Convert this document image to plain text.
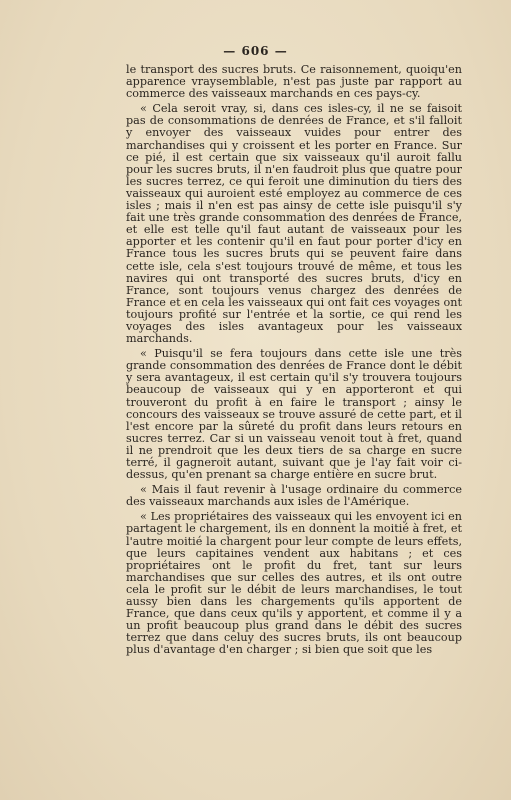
— 606 —

le transport des sucres bruts. Ce raisonnement, quoiqu'en apparence vraysemblable, n'est pas juste par rapport au commerce des vaisseaux marchands en ces pays-cy.

« Cela seroit vray, si, dans ces isles-cy, il ne se faisoit pas de consommations de denrées de France, et s'il falloit y envoyer des vaisseaux vuides pour entrer des marchandises qui y croissent et les porter en France. Sur ce pié, il est certain que six vaisseaux qu'il auroit fallu pour les sucres bruts, il n'en faudroit plus que quatre pour les sucres terrez, ce qui feroit une diminution du tiers des vaisseaux qui auroient esté employez au commerce de ces isles ; mais il n'en est pas ainsy de cette isle puisqu'il s'y fait une très grande consommation des denrées de France, et elle est telle qu'il faut autant de vaisseaux pour les apporter et les contenir qu'il en faut pour porter d'icy en France tous les sucres bruts qui se peuvent faire dans cette isle, cela s'est toujours trouvé de même, et tous les navires qui ont transporté des sucres bruts, d'icy en France, sont toujours venus chargez des denrées de France et en cela les vaisseaux qui ont fait ces voyages ont toujours profité sur l'entrée et la sortie, ce qui rend les voyages des isles avantageux pour les vaisseaux marchands.

« Puisqu'il se fera toujours dans cette isle une très grande consommation des denrées de France dont le débit y sera avantageux, il est certain qu'il s'y trouvera toujours beaucoup de vaisseaux qui y en apporteront et qui trouveront du profit à en faire le transport ; ainsy le concours des vaisseaux se trouve assuré de cette part, et il l'est encore par la sûreté du profit dans leurs retours en sucres terrez. Car si un vaisseau venoit tout à fret, quand il ne prendroit que les deux tiers de sa charge en sucre terré, il gagneroit autant, suivant que je l'ay fait voir ci-dessus, qu'en prenant sa charge entière en sucre brut.

« Mais il faut revenir à l'usage ordinaire du commerce des vaisseaux marchands aux isles de l'Amérique.

« Les propriétaires des vaisseaux qui les envoyent ici en partagent le chargement, ils en donnent la moitié à fret, et l'autre moitié la chargent pour leur compte de leurs effets, que leurs capitaines vendent aux habitans ; et ces propriétaires ont le profit du fret, tant sur leurs marchandises que sur celles des autres, et ils ont outre cela le profit sur le débit de leurs marchandises, le tout aussy bien dans les chargements qu'ils apportent de France, que dans ceux qu'ils y apportent, et comme il y a un profit beaucoup plus grand dans le débit des sucres terrez que dans celuy des sucres bruts, ils ont beaucoup plus d'avantage d'en charger ; si bien que soit que les
